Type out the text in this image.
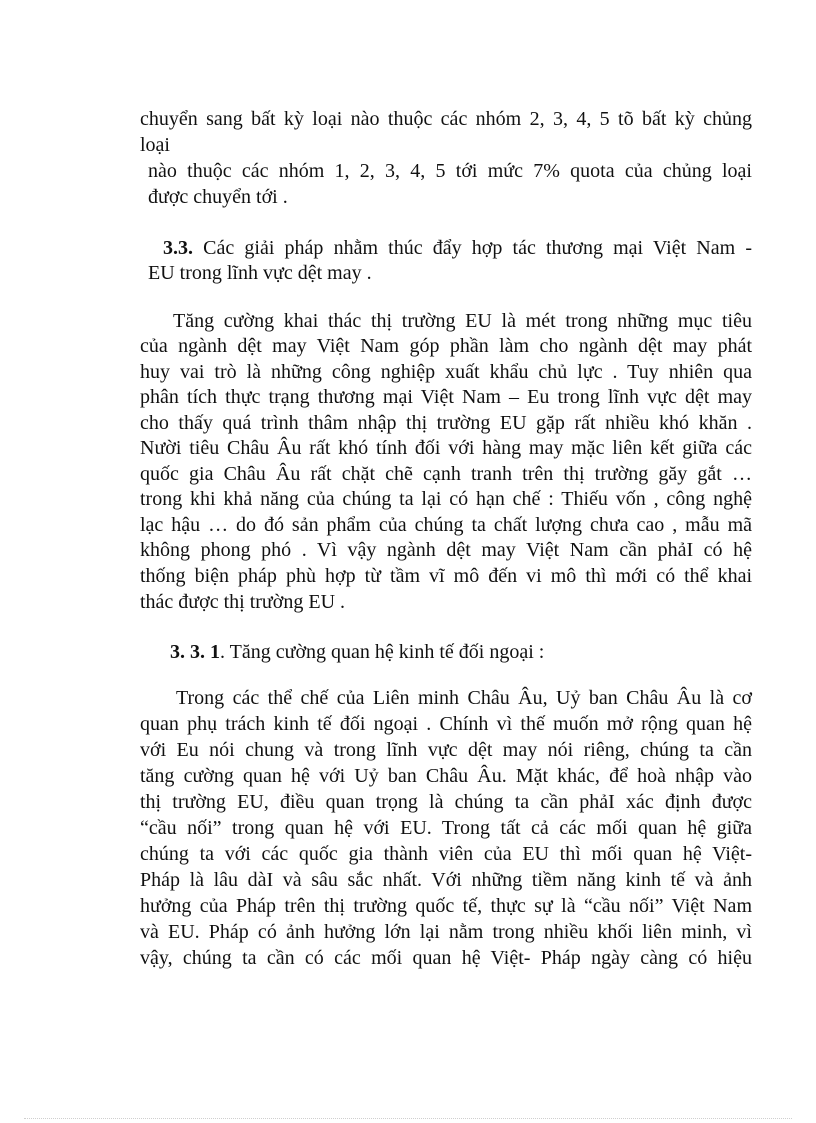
chuyển sang bất kỳ loại nào thuộc các nhóm 2, 3, 4, 5 tõ bất kỳ chủng
loại
nào thuộc các nhóm 1, 2, 3, 4, 5 tới mức 7% quota của chủng loại
được chuyển tới .
3.3. Các giải pháp nhằm thúc đẩy hợp tác thương mại Việt Nam -
EU trong lĩnh vực dệt may .
Tăng cường khai thác thị trường EU là mét trong những mục tiêu
của ngành dệt may Việt Nam góp phần làm cho ngành dệt may phát
huy vai trò là những công nghiệp xuất khẩu chủ lực . Tuy nhiên qua
phân tích thực trạng thương mại Việt Nam – Eu trong lĩnh vực dệt may
cho thấy quá trình thâm nhập thị trường EU gặp rất nhiều khó khăn .
Nười tiêu Châu Âu rất khó tính đối với hàng may mặc liên kết giữa các
quốc gia Châu Âu rất chặt chẽ cạnh tranh trên thị trường găy gắt …
trong khi khả năng của chúng ta lại có hạn chế : Thiếu vốn , công nghệ
lạc hậu … do đó sản phẩm của chúng ta chất lượng chưa cao , mẫu mã
không phong phó . Vì vậy ngành dệt may Việt Nam cần phảI có hệ
thống biện pháp phù hợp từ tầm vĩ mô đến vi mô thì mới có thể khai
thác được thị trường EU .
3. 3. 1. Tăng cường quan hệ kinh tế đối ngoại :
Trong các thể chế của Liên minh Châu Âu, Uỷ ban Châu Âu là cơ
quan phụ trách kinh tế đối ngoại . Chính vì thế muốn mở rộng quan hệ
với Eu nói chung và trong lĩnh vực dệt may nói riêng, chúng ta cần
tăng cường quan hệ với Uỷ ban Châu Âu. Mặt khác, để hoà nhập vào
thị trường EU, điều quan trọng là chúng ta cần phảI xác định được
“cầu nối” trong quan hệ với EU. Trong tất cả các mối quan hệ giữa
chúng ta với các quốc gia thành viên của EU thì mối quan hệ Việt-
Pháp là lâu dàI và sâu sắc nhất. Với những tiềm năng kinh tế và ảnh
hưởng của Pháp trên thị trường quốc tế, thực sự là “cầu nối” Việt Nam
và EU. Pháp có ảnh hưởng lớn lại nằm trong nhiều khối liên minh, vì
vậy, chúng ta cần có các mối quan hệ Việt- Pháp ngày càng có hiệu
